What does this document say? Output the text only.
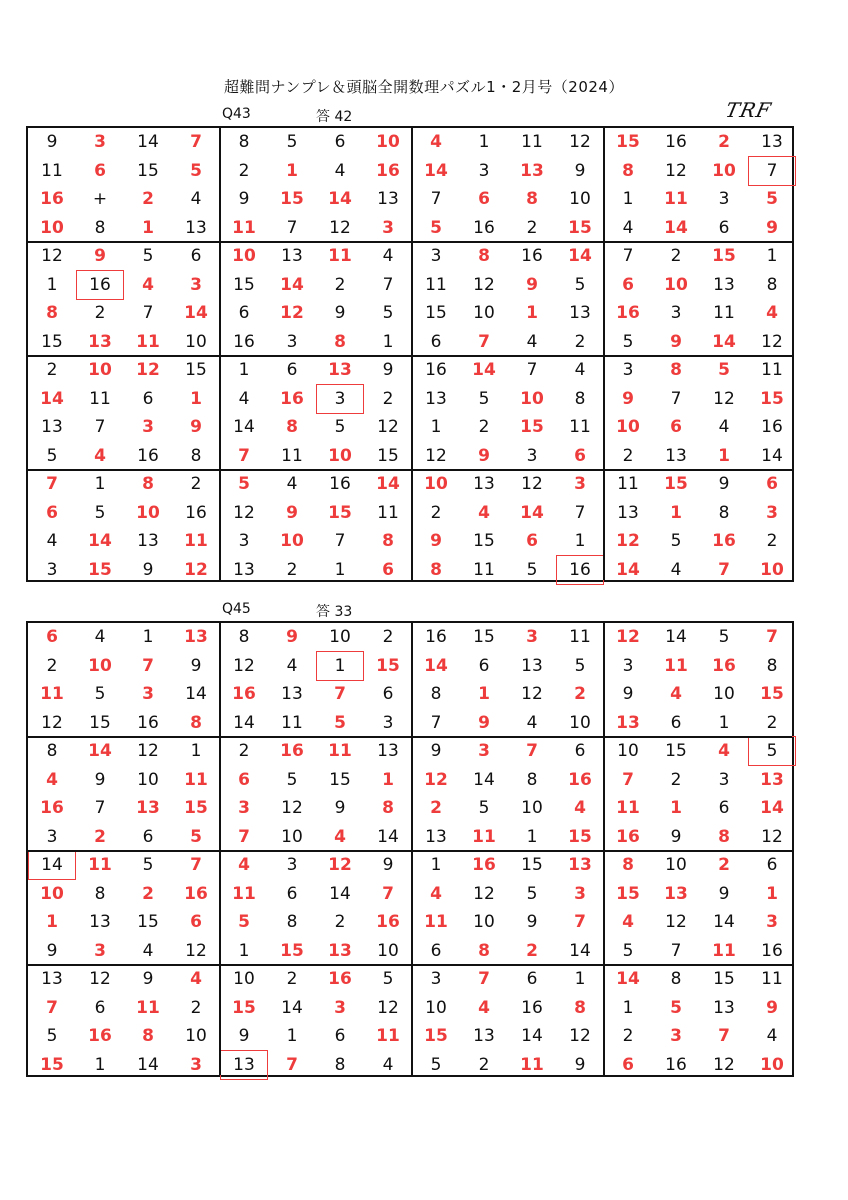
超難問ナンプレ＆頭脳全開数理パズル1・2月号（2024）
TRF
Q43	答 42
9	3	14	7	8	5	6	10	4	1	11	12	15	16	2	13
11	6	15	5	2	1	4	16	14	3	13	9	8	12	10	7
16	+	2	4	9	15	14	13	7	6	8	10	1	11	3	5
10	8	1	13	11	7	12	3	5	16	2	15	4	14	6	9
12	9	5	6	10	13	11	4	3	8	16	14	7	2	15	1
1	16	4	3	15	14	2	7	11	12	9	5	6	10	13	8
8	2	7	14	6	12	9	5	15	10	1	13	16	3	11	4
15	13	11	10	16	3	8	1	6	7	4	2	5	9	14	12
2	10	12	15	1	6	13	9	16	14	7	4	3	8	5	11
14	11	6	1	4	16	3	2	13	5	10	8	9	7	12	15
13	7	3	9	14	8	5	12	1	2	15	11	10	6	4	16
5	4	16	8	7	11	10	15	12	9	3	6	2	13	1	14
7	1	8	2	5	4	16	14	10	13	12	3	11	15	9	6
6	5	10	16	12	9	15	11	2	4	14	7	13	1	8	3
4	14	13	11	3	10	7	8	9	15	6	1	12	5	16	2
3	15	9	12	13	2	1	6	8	11	5	16	14	4	7	10
Q45	答 33
6	4	1	13	8	9	10	2	16	15	3	11	12	14	5	7
2	10	7	9	12	4	1	15	14	6	13	5	3	11	16	8
11	5	3	14	16	13	7	6	8	1	12	2	9	4	10	15
12	15	16	8	14	11	5	3	7	9	4	10	13	6	1	2
8	14	12	1	2	16	11	13	9	3	7	6	10	15	4	5
4	9	10	11	6	5	15	1	12	14	8	16	7	2	3	13
16	7	13	15	3	12	9	8	2	5	10	4	11	1	6	14
3	2	6	5	7	10	4	14	13	11	1	15	16	9	8	12
14	11	5	7	4	3	12	9	1	16	15	13	8	10	2	6
10	8	2	16	11	6	14	7	4	12	5	3	15	13	9	1
1	13	15	6	5	8	2	16	11	10	9	7	4	12	14	3
9	3	4	12	1	15	13	10	6	8	2	14	5	7	11	16
13	12	9	4	10	2	16	5	3	7	6	1	14	8	15	11
7	6	11	2	15	14	3	12	10	4	16	8	1	5	13	9
5	16	8	10	9	1	6	11	15	13	14	12	2	3	7	4
15	1	14	3	13	7	8	4	5	2	11	9	6	16	12	10
